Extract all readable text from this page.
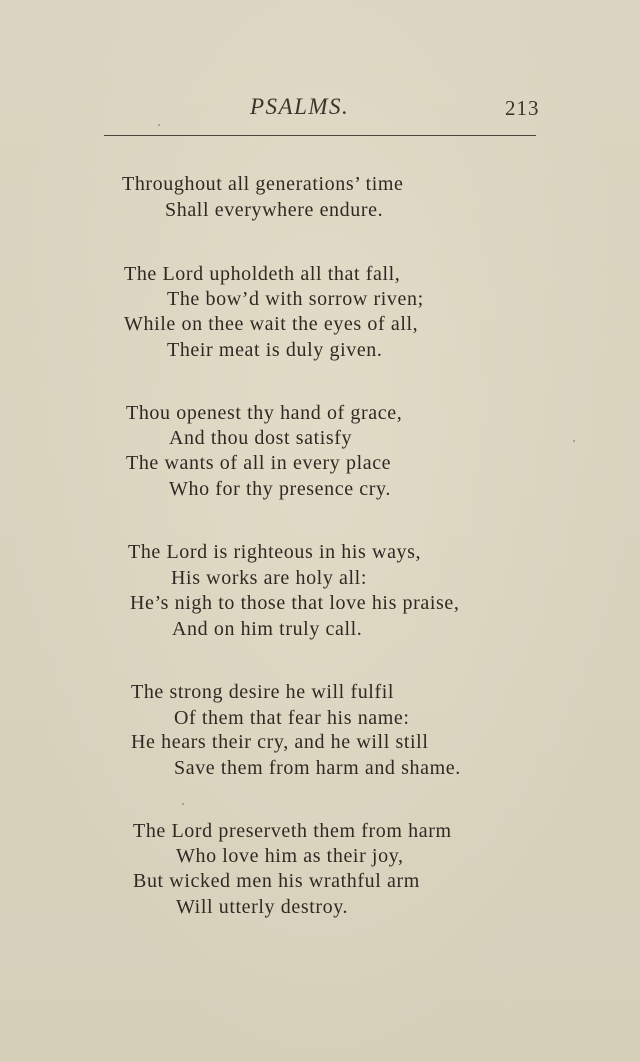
PSALMS.	213
Throughout all generations’ time
Shall everywhere endure.
The Lord upholdeth all that fall,
The bow’d with sorrow riven;
While on thee wait the eyes of all,
Their meat is duly given.
Thou openest thy hand of grace,
And thou dost satisfy
The wants of all in every place
Who for thy presence cry.
The Lord is righteous in his ways,
His works are holy all:
He’s nigh to those that love his praise,
And on him truly call.
The strong desire he will fulfil
Of them that fear his name:
He hears their cry, and he will still
Save them from harm and shame.
The Lord preserveth them from harm
Who love him as their joy,
But wicked men his wrathful arm
Will utterly destroy.
